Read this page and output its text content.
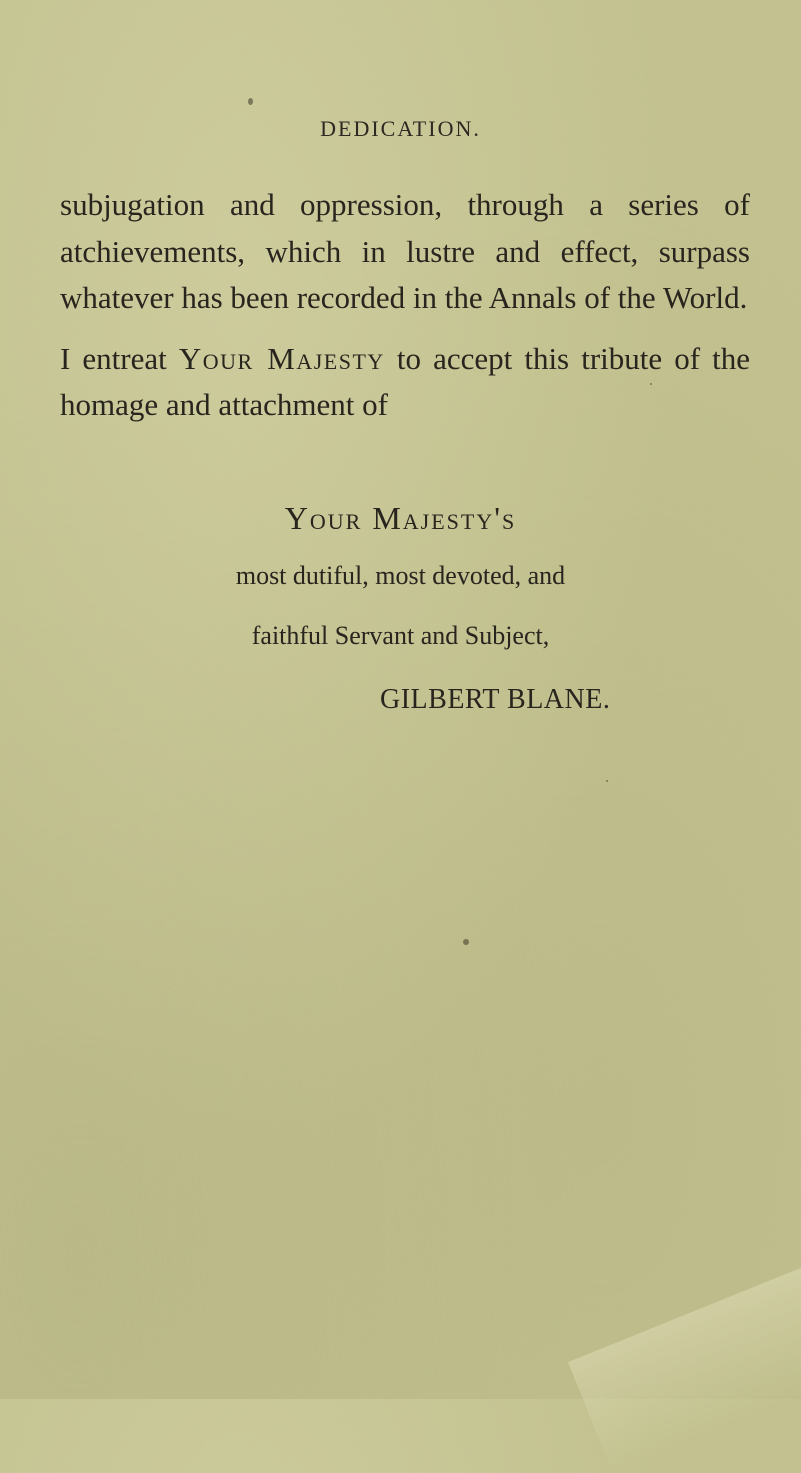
DEDICATION.

subjugation and oppression, through a series of atchievements, which in lustre and effect, surpass whatever has been recorded in the Annals of the World.

I entreat Your Majesty to accept this tribute of the homage and attachment of

Your Majesty's
most dutiful, most devoted, and
faithful Servant and Subject,
GILBERT BLANE.
